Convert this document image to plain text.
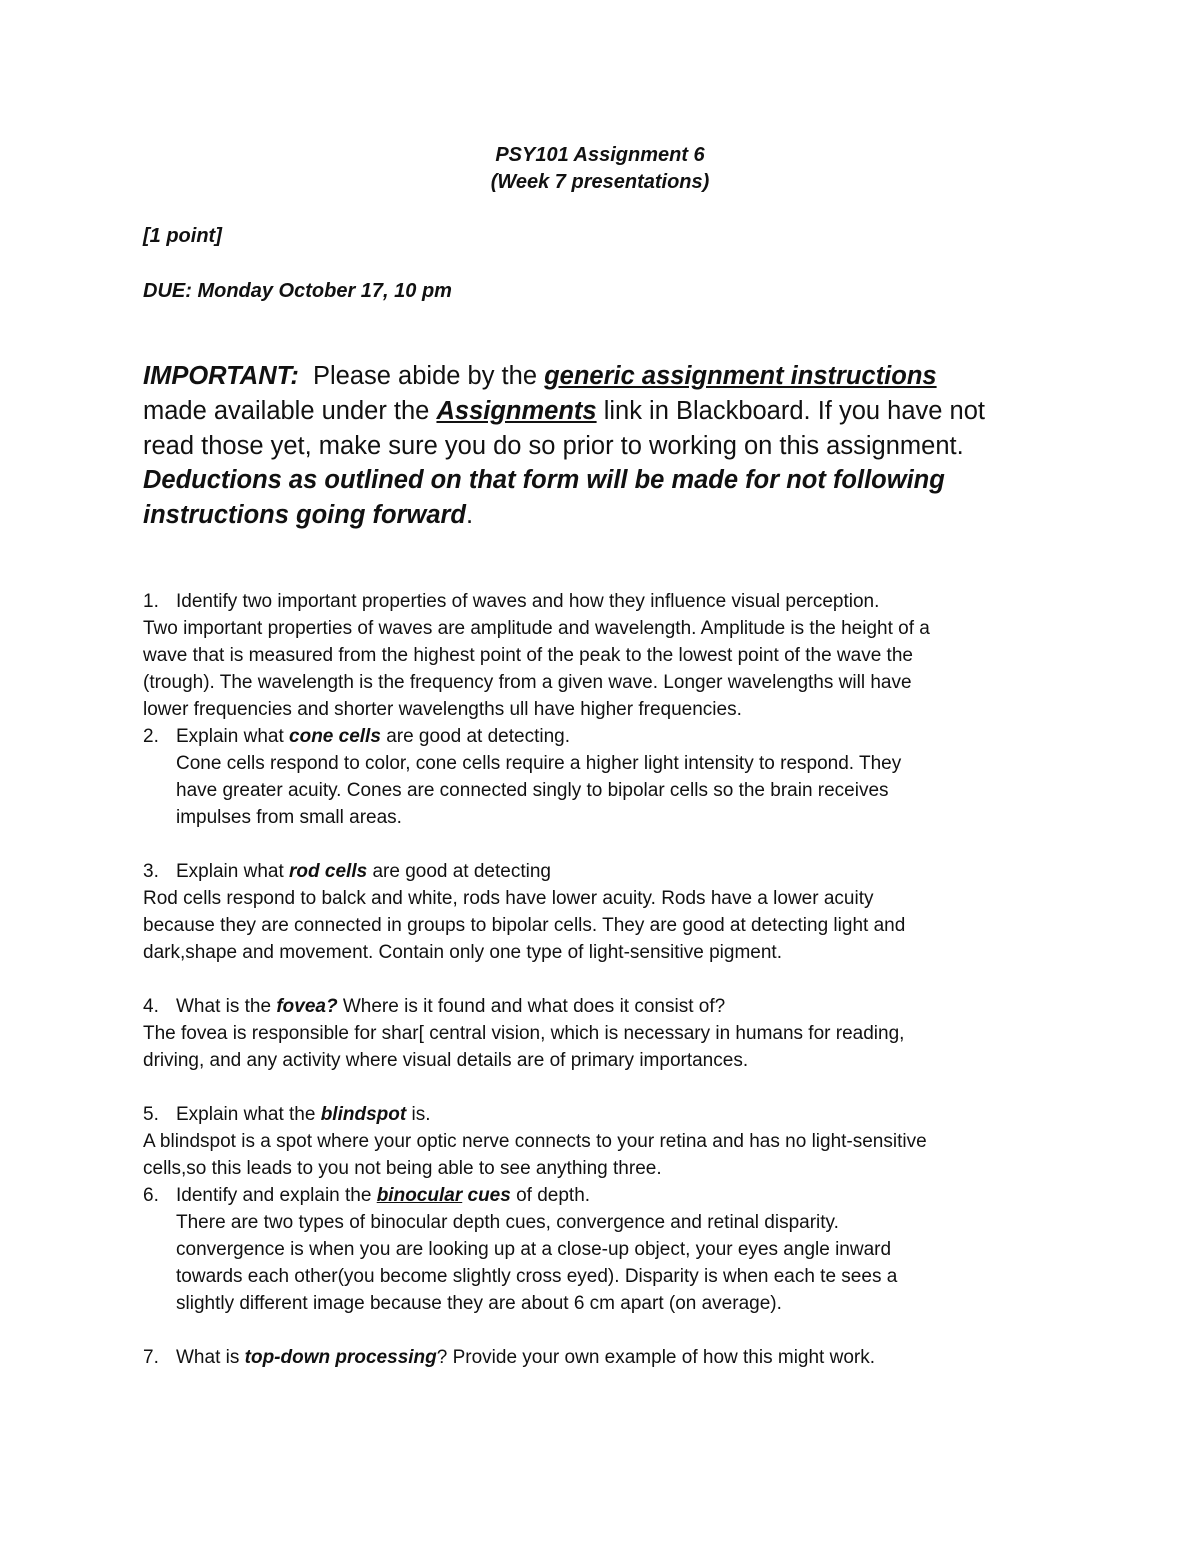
PSY101 Assignment 6
(Week 7 presentations)
[1 point]
DUE: Monday October 17, 10 pm
IMPORTANT: Please abide by the generic assignment instructions
made available under the Assignments link in Blackboard. If you have not
read those yet, make sure you do so prior to working on this assignment.
Deductions as outlined on that form will be made for not following
instructions going forward.
1. Identify two important properties of waves and how they influence visual perception.
Two important properties of waves are amplitude and wavelength. Amplitude is the height of a
wave that is measured from the highest point of the peak to the lowest point of the wave the
(trough). The wavelength is the frequency from a given wave. Longer wavelengths will have
lower frequencies and shorter wavelengths ull have higher frequencies.
2. Explain what cone cells are good at detecting.
Cone cells respond to color, cone cells require a higher light intensity to respond. They
have greater acuity. Cones are connected singly to bipolar cells so the brain receives
impulses from small areas.
3. Explain what rod cells are good at detecting
Rod cells respond to balck and white, rods have lower acuity. Rods have a lower acuity
because they are connected in groups to bipolar cells. They are good at detecting light and
dark,shape and movement. Contain only one type of light-sensitive pigment.
4. What is the fovea? Where is it found and what does it consist of?
The fovea is responsible for shar[ central vision, which is necessary in humans for reading,
driving, and any activity where visual details are of primary importances.
5. Explain what the blindspot is.
A blindspot is a spot where your optic nerve connects to your retina and has no light-sensitive
cells,so this leads to you not being able to see anything three.
6. Identify and explain the binocular cues of depth.
There are two types of binocular depth cues, convergence and retinal disparity.
convergence is when you are looking up at a close-up object, your eyes angle inward
towards each other(you become slightly cross eyed). Disparity is when each te sees a
slightly different image because they are about 6 cm apart (on average).
7. What is top-down processing? Provide your own example of how this might work.
